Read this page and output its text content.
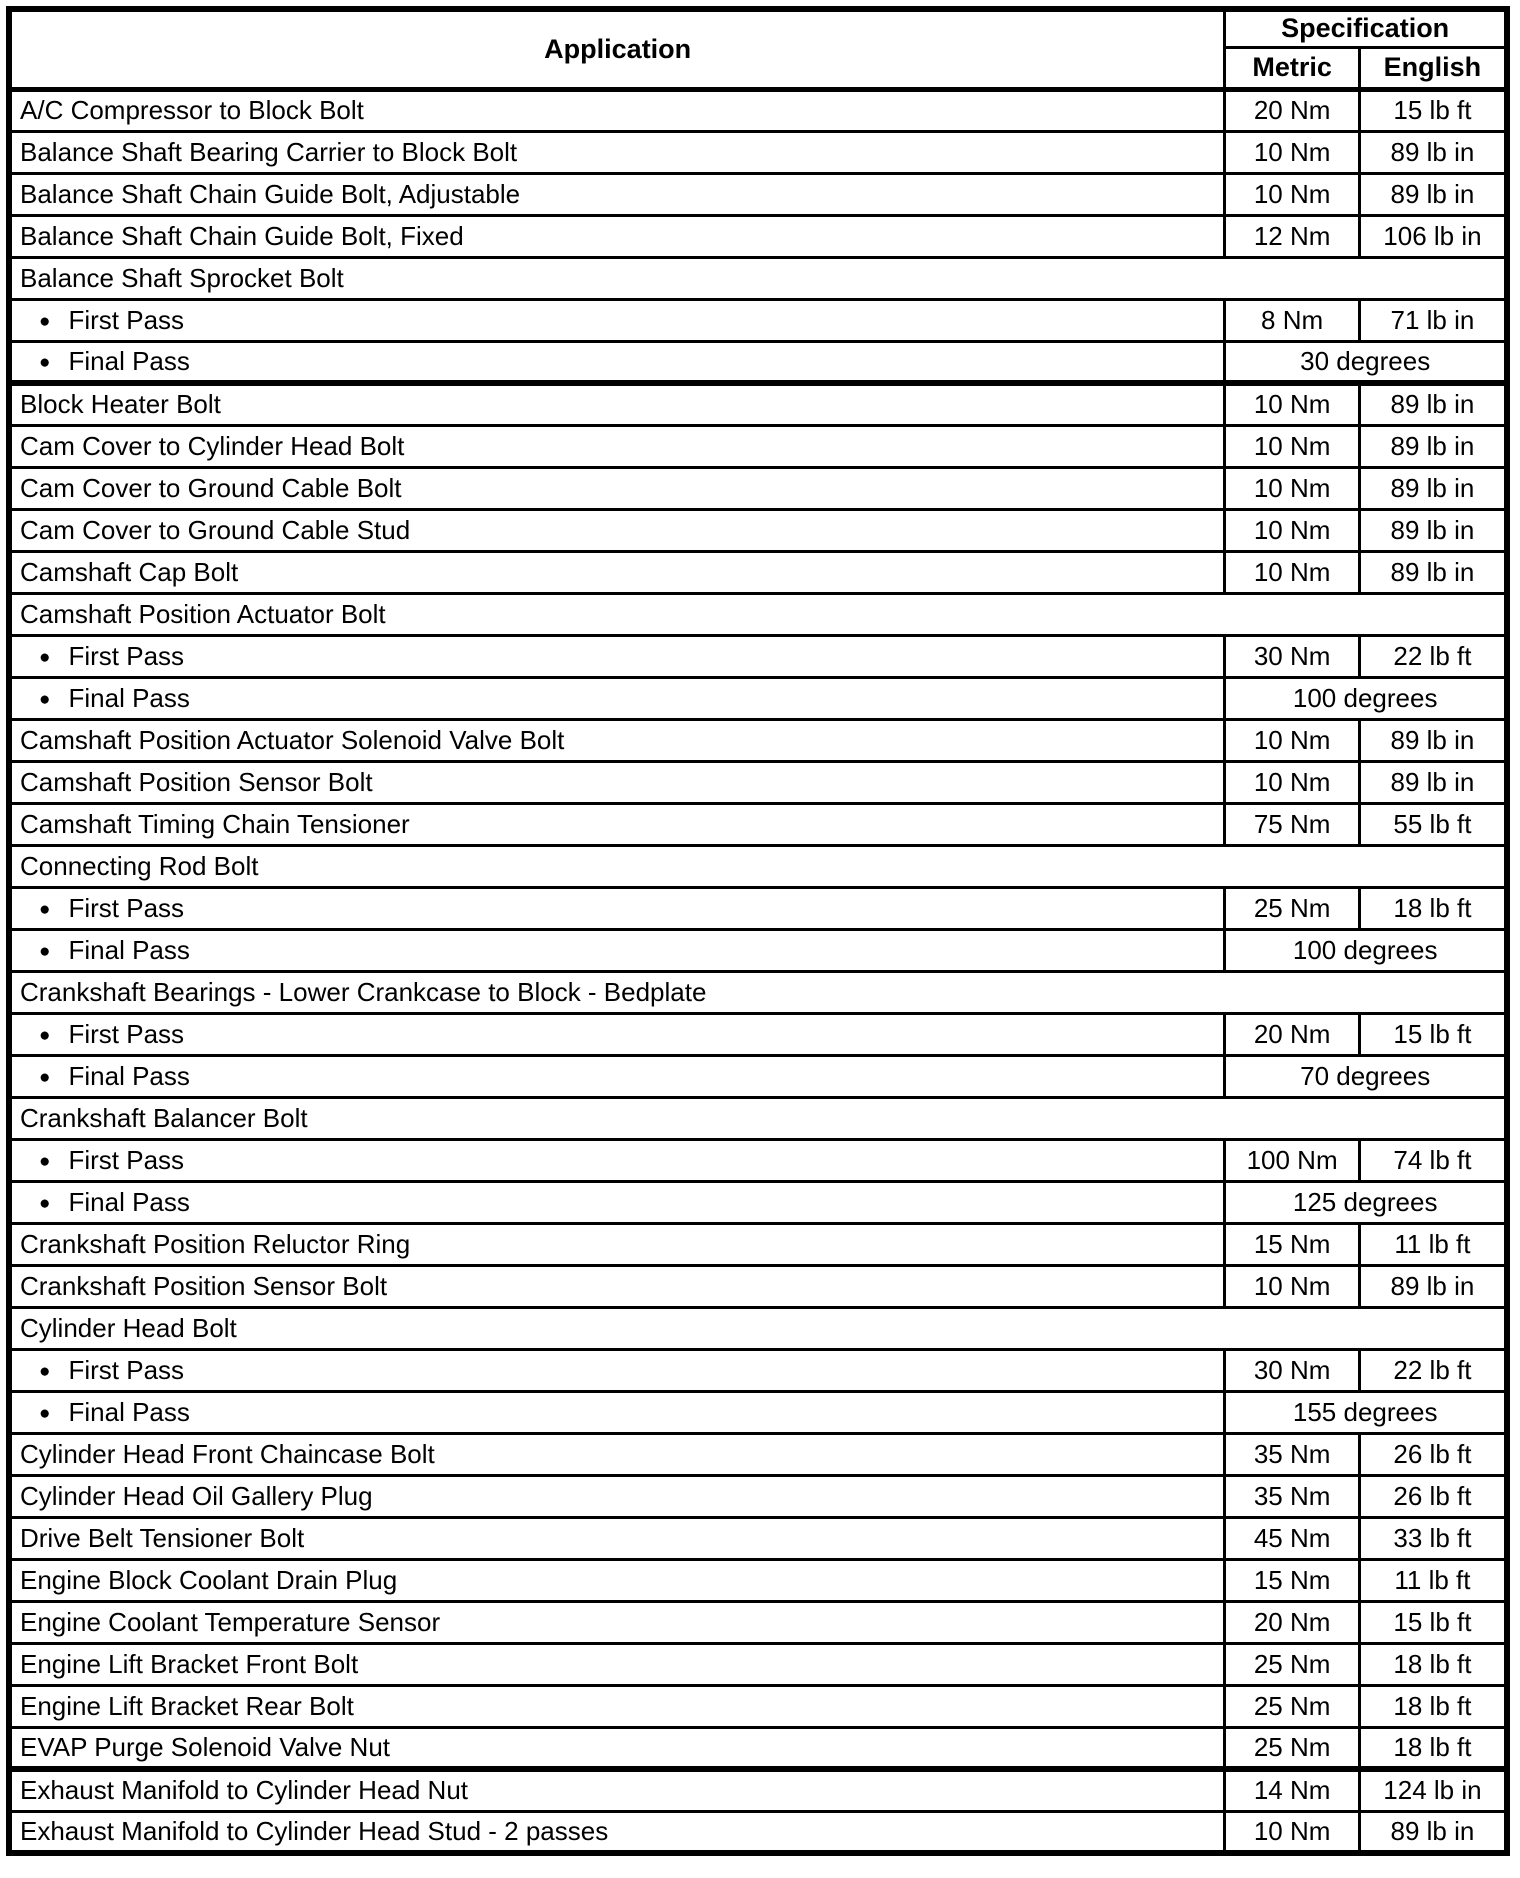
Application	Specification	
	Metric	English
A/C Compressor to Block Bolt	20 Nm	15 lb ft
Balance Shaft Bearing Carrier to Block Bolt	10 Nm	89 lb in
Balance Shaft Chain Guide Bolt, Adjustable	10 Nm	89 lb in
Balance Shaft Chain Guide Bolt, Fixed	12 Nm	106 lb in
Balance Shaft Sprocket Bolt		
● First Pass	8 Nm	71 lb in
● Final Pass	30 degrees	
Block Heater Bolt	10 Nm	89 lb in
Cam Cover to Cylinder Head Bolt	10 Nm	89 lb in
Cam Cover to Ground Cable Bolt	10 Nm	89 lb in
Cam Cover to Ground Cable Stud	10 Nm	89 lb in
Camshaft Cap Bolt	10 Nm	89 lb in
Camshaft Position Actuator Bolt		
● First Pass	30 Nm	22 lb ft
● Final Pass	100 degrees	
Camshaft Position Actuator Solenoid Valve Bolt	10 Nm	89 lb in
Camshaft Position Sensor Bolt	10 Nm	89 lb in
Camshaft Timing Chain Tensioner	75 Nm	55 lb ft
Connecting Rod Bolt		
● First Pass	25 Nm	18 lb ft
● Final Pass	100 degrees	
Crankshaft Bearings - Lower Crankcase to Block - Bedplate		
● First Pass	20 Nm	15 lb ft
● Final Pass	70 degrees	
Crankshaft Balancer Bolt		
● First Pass	100 Nm	74 lb ft
● Final Pass	125 degrees	
Crankshaft Position Reluctor Ring	15 Nm	11 lb ft
Crankshaft Position Sensor Bolt	10 Nm	89 lb in
Cylinder Head Bolt		
● First Pass	30 Nm	22 lb ft
● Final Pass	155 degrees	
Cylinder Head Front Chaincase Bolt	35 Nm	26 lb ft
Cylinder Head Oil Gallery Plug	35 Nm	26 lb ft
Drive Belt Tensioner Bolt	45 Nm	33 lb ft
Engine Block Coolant Drain Plug	15 Nm	11 lb ft
Engine Coolant Temperature Sensor	20 Nm	15 lb ft
Engine Lift Bracket Front Bolt	25 Nm	18 lb ft
Engine Lift Bracket Rear Bolt	25 Nm	18 lb ft
EVAP Purge Solenoid Valve Nut	25 Nm	18 lb ft
Exhaust Manifold to Cylinder Head Nut	14 Nm	124 lb in
Exhaust Manifold to Cylinder Head Stud - 2 passes	10 Nm	89 lb in
